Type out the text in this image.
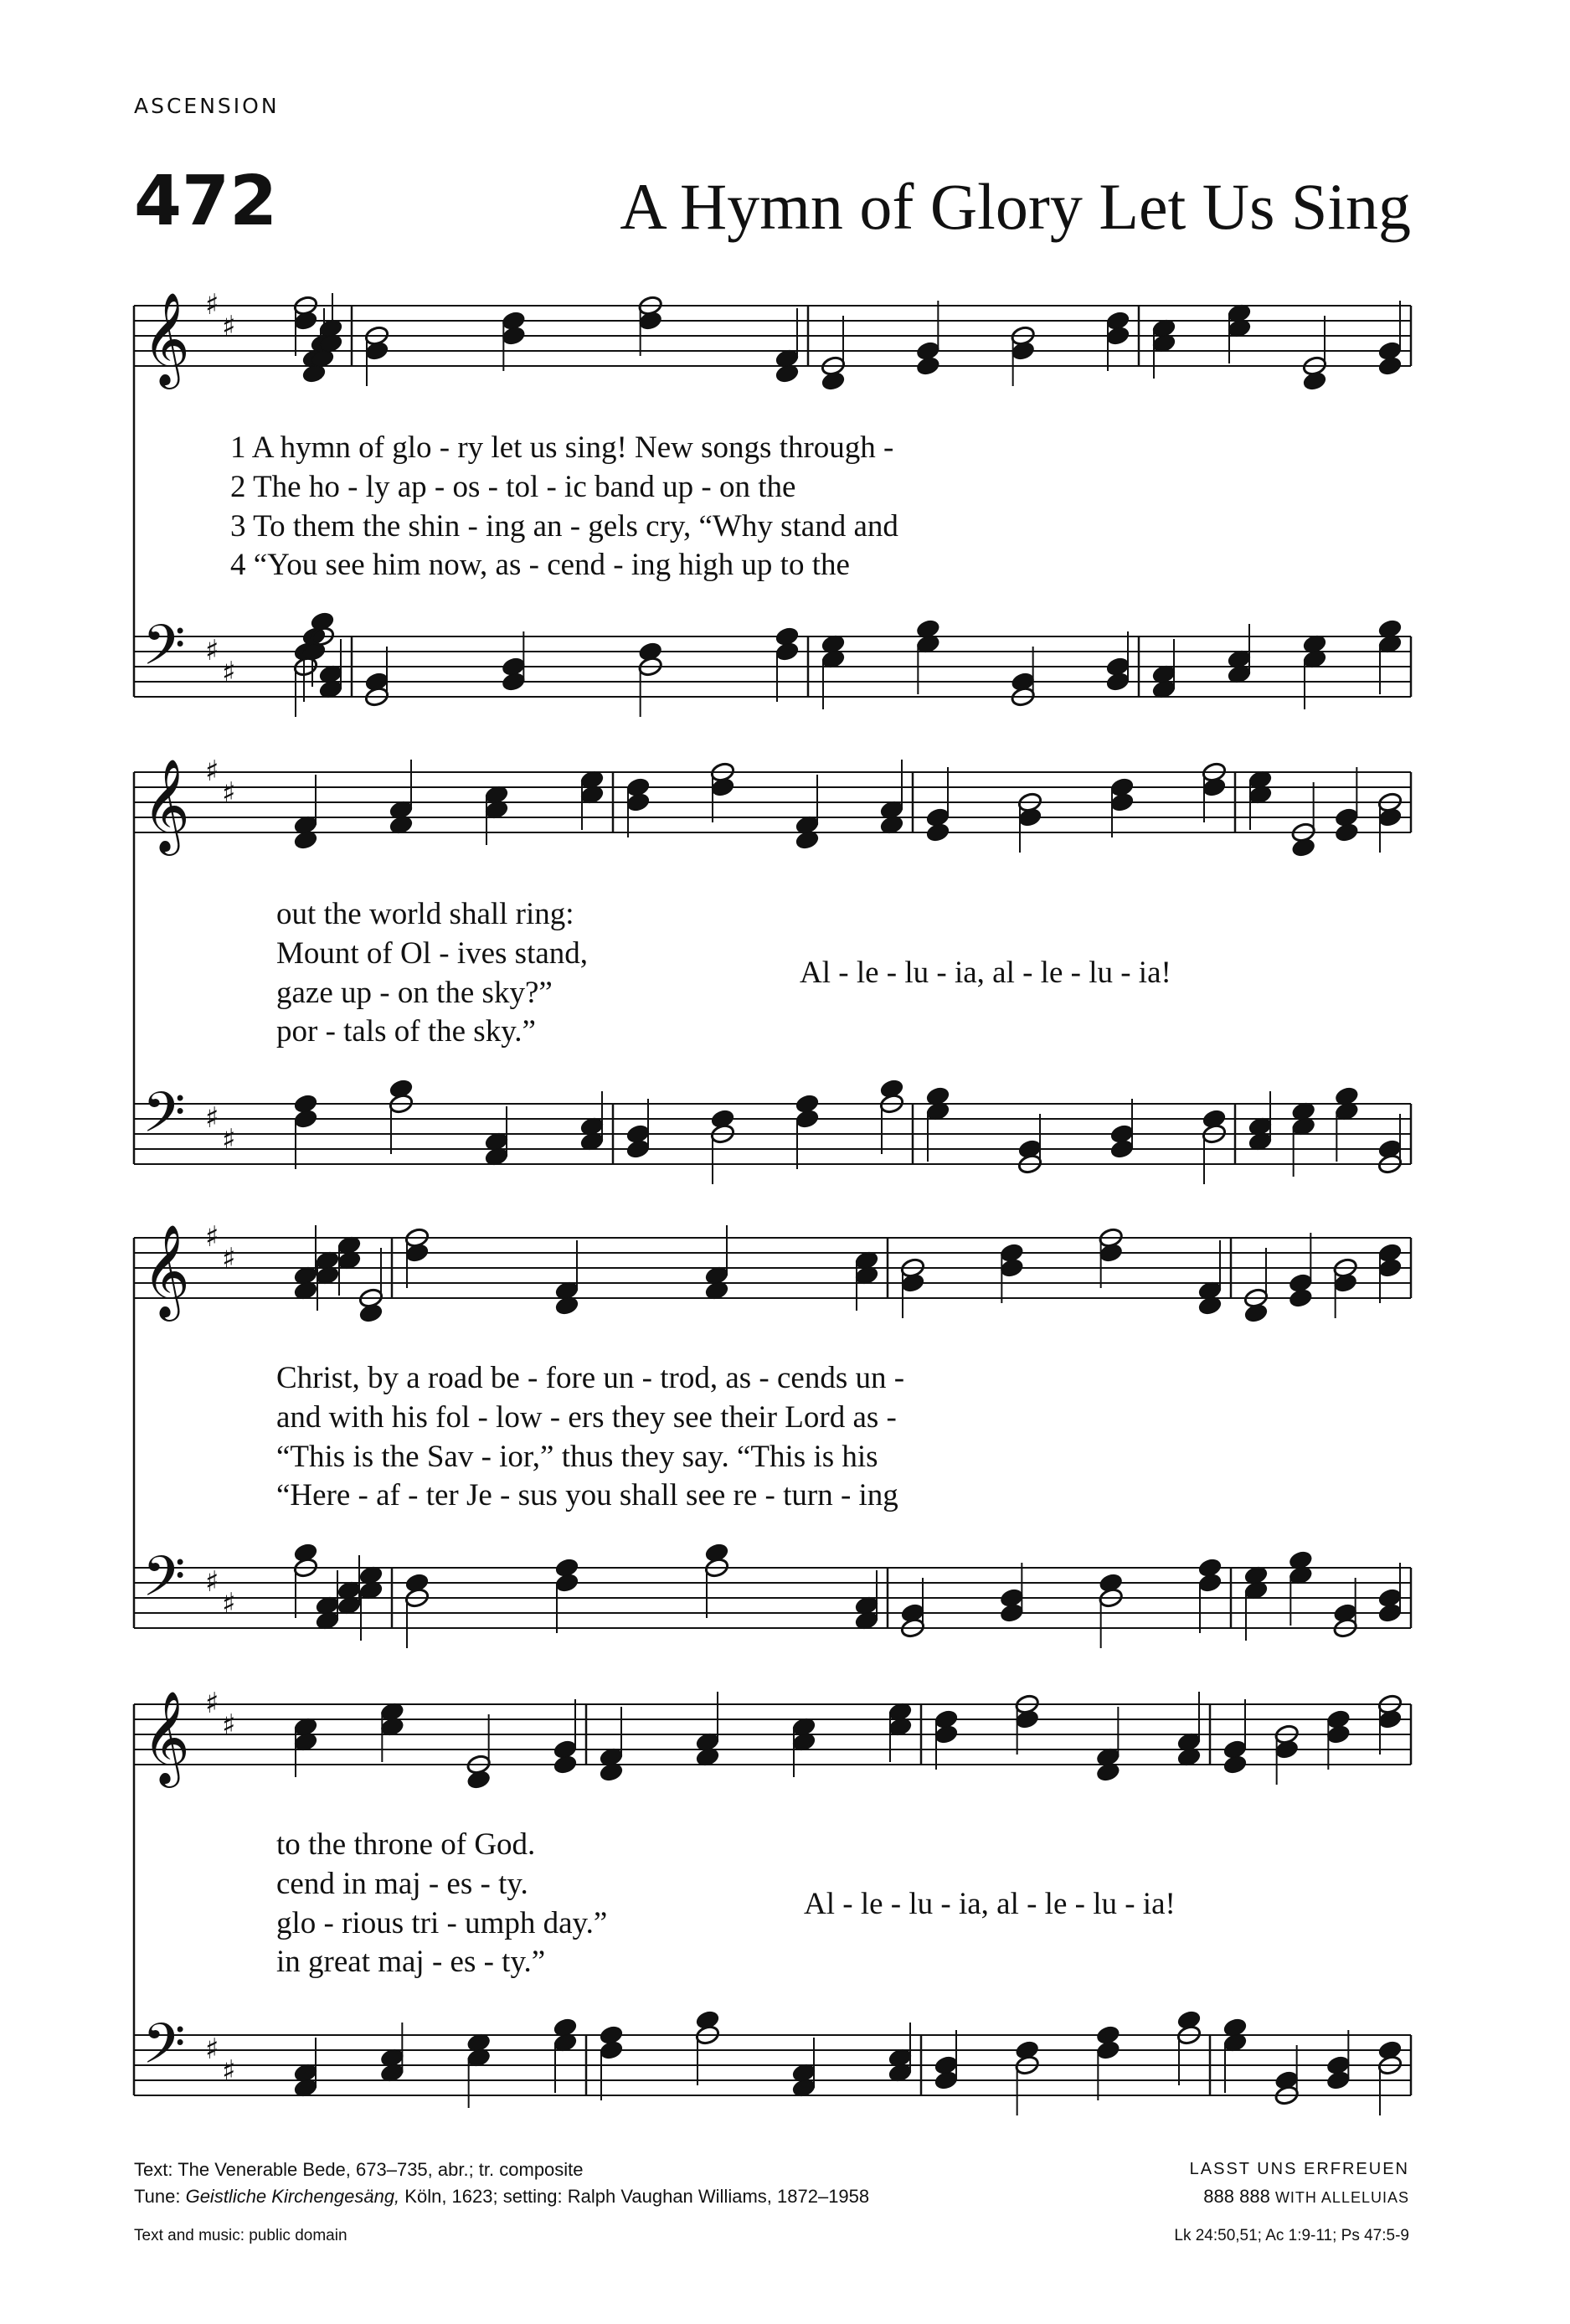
ASCENSION
472	A Hymn of Glory Let Us Sing
𝄞 ♯
♯
𝄢 ♯
♯
𝄞 ♯
♯
𝄢 ♯
♯
𝄞 ♯
♯
𝄢 ♯
♯
𝄞 ♯
♯
𝄢 ♯
♯
1 A hymn of glo - ry let us sing! New songs through -
2 The ho - ly ap - os - tol - ic band up - on the
3 To them the shin - ing an - gels cry, “Why stand and
4 “You see him now, as - cend - ing high up to the
out the world shall ring:
Mount of Ol - ives stand,
gaze up - on the sky?”
por - tals of the sky.”
Al - le - lu - ia, al - le - lu - ia!
Christ, by a road be - fore un - trod, as - cends un -
and with his fol - low - ers they see their Lord as -
“This is the Sav - ior,” thus they say. “This is his
“Here - af - ter Je - sus you shall see re - turn - ing
to the throne of God.
cend in maj - es - ty.
glo - rious tri - umph day.”
in great maj - es - ty.”
Al - le - lu - ia, al - le - lu - ia!
Text: The Venerable Bede, 673–735, abr.; tr. composite
Tune: Geistliche Kirchengesäng, Köln, 1623; setting: Ralph Vaughan Williams, 1872–1958
Text and music: public domain
LASST UNS ERFREUEN
888 888 WITH ALLELUIAS
Lk 24:50,51; Ac 1:9-11; Ps 47:5-9
